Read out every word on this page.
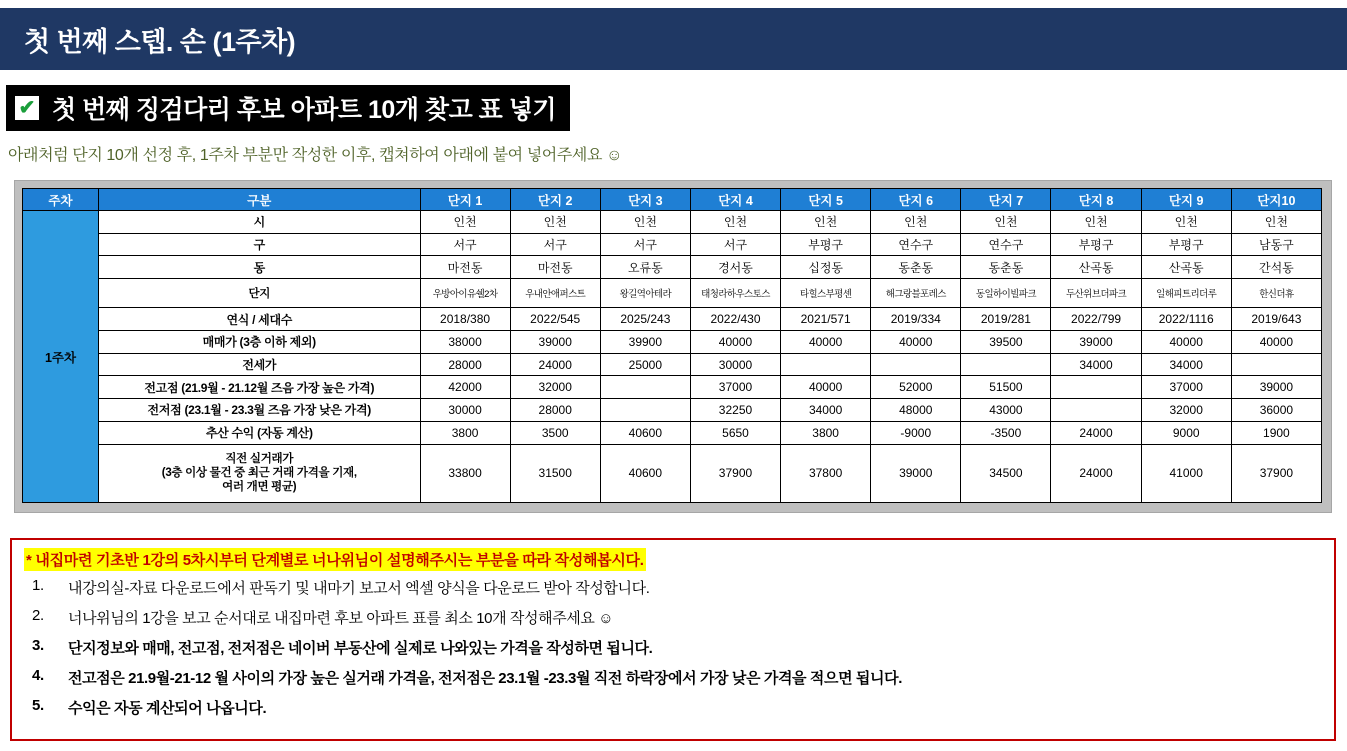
첫 번째 스텝. 손 (1주차)
✔ 첫 번째 징검다리 후보 아파트 10개 찾고 표 넣기
아래처럼 단지 10개 선정 후, 1주차 부분만 작성한 이후, 캡쳐하여 아래에 붙여 넣어주세요 ☺
주차	구분	단지 1	단지 2	단지 3	단지 4	단지 5	단지 6	단지 7	단지 8	단지 9	단지10
1주차	시	인천	인천	인천	인천	인천	인천	인천	인천	인천	인천
	구	서구	서구	서구	서구	부평구	연수구	연수구	부평구	부평구	남동구
	동	마전동	마전동	오류동	경서동	십정동	동춘동	동춘동	산곡동	산곡동	간석동
	단지	우방아이유쉘2차	우내안애퍼스트	왕길역아테라	태청라하우스토스	타힐스부평센	해그랑블포레스	동일하이빌파크	두산위브더파크	일해피트리더루	한신더휴
	연식 / 세대수	2018/380	2022/545	2025/243	2022/430	2021/571	2019/334	2019/281	2022/799	2022/1116	2019/643
	매매가 (3층 이하 제외)	38000	39000	39900	40000	40000	40000	39500	39000	40000	40000
	전세가	28000	24000	25000	30000				34000	34000	
	전고점 (21.9월 - 21.12월 즈음 가장 높은 가격)	42000	32000		37000	40000	52000	51500		37000	39000
	전저점 (23.1월 - 23.3월 즈음 가장 낮은 가격)	30000	28000		32250	34000	48000	43000		32000	36000
	추산 수익 (자동 계산)	3800	3500	40600	5650	3800	-9000	-3500	24000	9000	1900

	직전 실거래가
(3층 이상 물건 중 최근 거래 가격을 기재,
여러 개면 평균)	33800	31500	40600	37900	37800	39000	34500	24000	41000	37900
* 내집마련 기초반 1강의 5차시부터 단계별로 너나위님이 설명해주시는 부분을 따라 작성해봅시다.
1. 내강의실-자료 다운로드에서 판독기 및 내마기 보고서 엑셀 양식을 다운로드 받아 작성합니다.
2. 너나위님의 1강을 보고 순서대로 내집마련 후보 아파트 표를 최소 10개 작성해주세요 ☺
3. 단지정보와 매매, 전고점, 전저점은 네이버 부동산에 실제로 나와있는 가격을 작성하면 됩니다.
4. 전고점은 21.9월-21-12 월 사이의 가장 높은 실거래 가격을, 전저점은 23.1월 -23.3월 직전 하락장에서 가장 낮은 가격을 적으면 됩니다.
5. 수익은 자동 계산되어 나옵니다.
